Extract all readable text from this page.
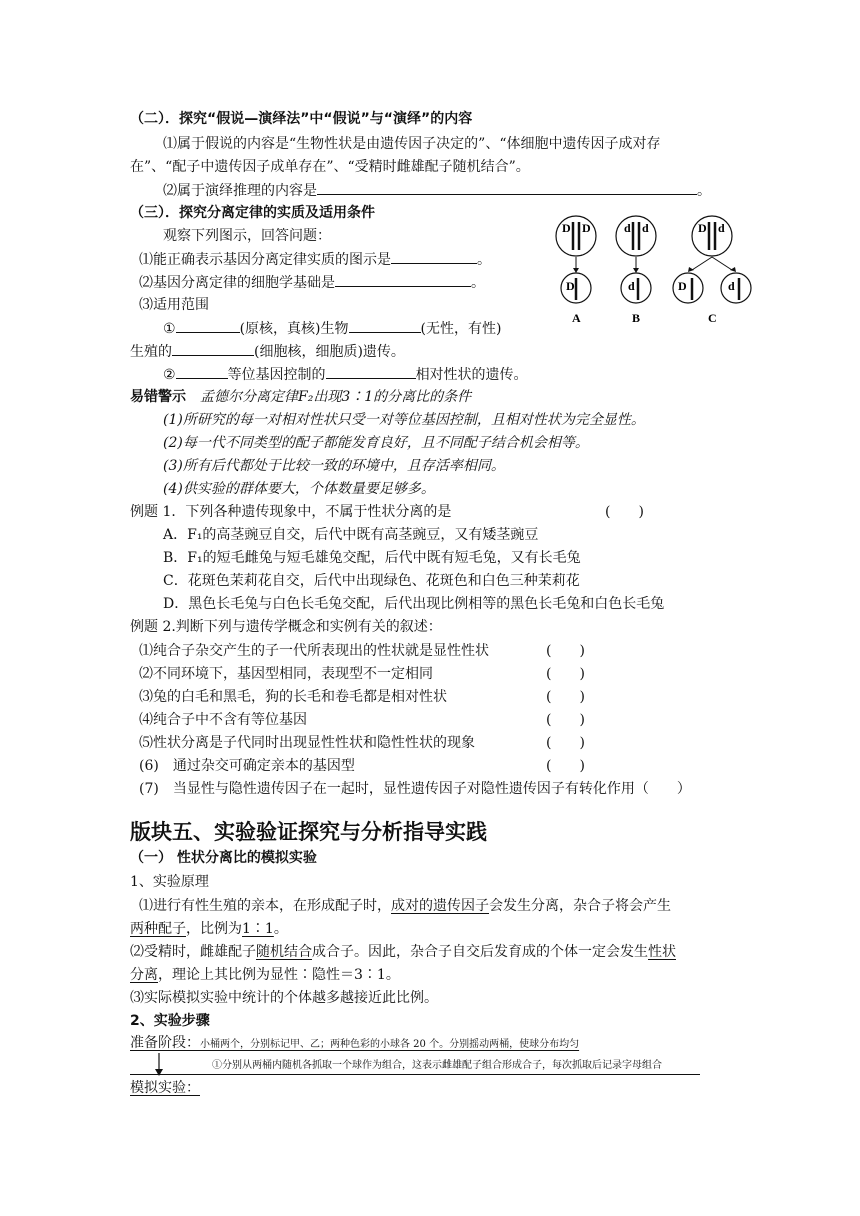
（二）．探究“假说—演绎法”中“假说”与“演绎”的内容
⑴属于假说的内容是“生物性状是由遗传因子决定的”、“体细胞中遗传因子成对存
在”、“配子中遗传因子成单存在”、“受精时雌雄配子随机结合”。
⑵属于演绎推理的内容是	。
（三）．探究分离定律的实质及适用条件
观察下列图示，回答问题：
⑴能正确表示基因分离定律实质的图示是	。
⑵基因分离定律的细胞学基础是	。
⑶适用范围
①	(原核，真核)生物	(无性，有性)
生殖的	(细胞核，细胞质)遗传。
②	等位基因控制的	相对性状的遗传。
D D
D
A
d d
d
B
D d
D	d
C
易错警示　 孟德尔分离定律F₂出现3∶1的分离比的条件
(1)所研究的每一对相对性状只受一对等位基因控制，且相对性状为完全显性。
(2)每一代不同类型的配子都能发育良好，且不同配子结合机会相等。
(3)所有后代都处于比较一致的环境中，且存活率相同。
(4)供实验的群体要大，个体数量要足够多。
例题 1．下列各种遗传现象中，不属于性状分离的是	(　　)
A．F₁的高茎豌豆自交，后代中既有高茎豌豆，又有矮茎豌豆
B．F₁的短毛雌兔与短毛雄兔交配，后代中既有短毛兔，又有长毛兔
C．花斑色茉莉花自交，后代中出现绿色、花斑色和白色三种茉莉花
D．黑色长毛兔与白色长毛兔交配，后代出现比例相等的黑色长毛兔和白色长毛兔
例题 2.判断下列与遗传学概念和实例有关的叙述：
⑴纯合子杂交产生的子一代所表现出的性状就是显性性状	(　　)
⑵不同环境下，基因型相同，表现型不一定相同	(　　)
⑶兔的白毛和黑毛，狗的长毛和卷毛都是相对性状	(　　)
⑷纯合子中不含有等位基因	(　　)
⑸性状分离是子代同时出现显性性状和隐性性状的现象	(　　)
(6)　通过杂交可确定亲本的基因型	(　　)
(7)　当显性与隐性遗传因子在一起时，显性遗传因子对隐性遗传因子有转化作用（　　）
版块五、实验验证探究与分析指导实践
（一） 性状分离比的模拟实验
1、实验原理
⑴进行有性生殖的亲本，在形成配子时，成对的遗传因子会发生分离，杂合子将会产生
两种配子，比例为1∶1。
⑵受精时，雌雄配子随机结合成合子。因此，杂合子自交后发育成的个体一定会发生性状
分离，理论上其比例为显性∶隐性＝3∶1。
⑶实际模拟实验中统计的个体越多越接近此比例。
2、实验步骤
准备阶段：小桶两个，分别标记甲、乙；两种色彩的小球各 20 个。分别摇动两桶，使球分布均匀
①分别从两桶内随机各抓取一个球作为组合，这表示雌雄配子组合形成合子，每次抓取后记录字母组合
模拟实验：
